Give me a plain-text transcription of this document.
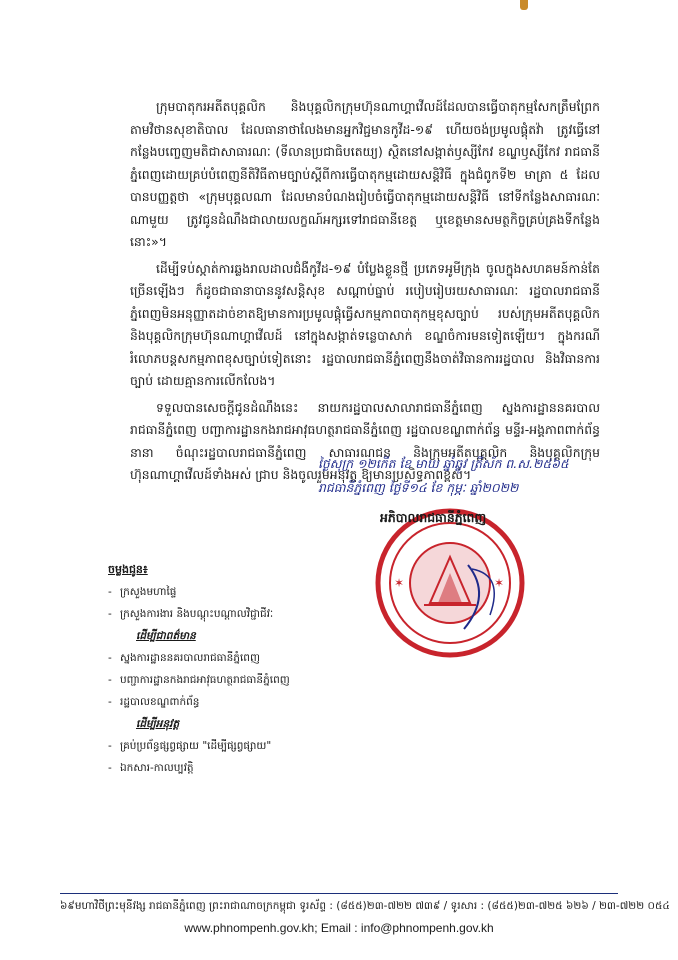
ក្រុមបាតុករអតីតបុគ្គលិក និងបុគ្គលិកក្រុមហ៊ុនណាហ្គាវើលដ៍ដែលបានធ្វើបាតុកម្មសែកត្រឹមព្រែកតាមវិថានសុខាតិបាល ដែលធានាថាលែងមានអ្នកវិជ្ជមានកូវីដ-១៩ ហើយចង់ប្រមូលផ្តុំតវ៉ា ត្រូវធ្វើនៅកន្លែងបញ្ចេញមតិជាសាធារណៈ (ទីលានប្រជាធិបតេយ្យ) ស្ថិតនៅសង្កាត់ឫស្សីកែវ ខណ្ឌឫស្សីកែវ រាជធានីភ្នំពេញដោយគ្រប់បំពេញនីតិវិធីតាមច្បាប់ស្តីពីការធ្វើបាតុកម្មដោយសន្តិវិធី ក្នុងជំពូកទី២ មាត្រា ៥ ដែលបានបញ្ញត្តថា «ក្រុមបុគ្គលណា ដែលមានបំណងរៀបចំធ្វើបាតុកម្មដោយសន្តិវិធី នៅទីកន្លែងសាធារណៈណាមួយ ត្រូវជូនដំណឹងជាលាយលក្ខណ៍អក្សរទៅរាជធានីខេត្ត ឬខេត្តមានសមត្ថកិច្ចគ្រប់គ្រងទីកន្លែងនោះ»។

ដើម្បីទប់ស្កាត់ការឆ្លងរាលដាលជំងឺកូវីដ-១៩ បំប្លែងខ្លួនថ្មី ប្រភេទអូមីក្រុង ចូលក្នុងសហគមន៍កាន់តែច្រើនឡើងៗ ក៏ដូចជាធានាបាននូវសន្តិសុខ សណ្តាប់ធ្នាប់ របៀបរៀបរយសាធារណៈ រដ្ឋបាលរាជធានីភ្នំពេញមិនអនុញ្ញាតដាច់ខាតឱ្យមានការប្រមូលផ្តុំធ្វើសកម្មភាពបាតុកម្មខុសច្បាប់ របស់ក្រុមអតីតបុគ្គលិក និងបុគ្គលិកក្រុមហ៊ុនណាហ្គាវើលដ៍ នៅក្នុងសង្កាត់ទន្លេបាសាក់ ខណ្ឌចំការមនទៀតឡើយ។ ក្នុងករណីរំលោភបន្តសកម្មភាពខុសច្បាប់ទៀតនោះ រដ្ឋបាលរាជធានីភ្នំពេញនឹងចាត់វិធានការរដ្ឋបាល និងវិធានការច្បាប់ ដោយគ្មានការលើកលែង។

ទទួលបានសេចក្តីជូនដំណឹងនេះ នាយករដ្ឋបាលសាលារាជធានីភ្នំពេញ ស្នងការដ្ឋាននគរបាលរាជធានីភ្នំពេញ បញ្ជាការដ្ឋានកងរាជអាវុធហត្ថរាជធានីភ្នំពេញ រដ្ឋបាលខណ្ឌពាក់ព័ន្ធ មន្ទីរ-អង្គភាពពាក់ព័ន្ធនានា ចំណុះរដ្ឋបាលរាជធានីភ្នំពេញ សាធារណជន និងក្រុមអតីតបុគ្គលិក និងបុគ្គលិកក្រុមហ៊ុនណាហ្គាវើលដ៍ទាំងអស់ ជ្រាប និងចូលរួមអនុវត្ត ឱ្យមានប្រសិទ្ធភាពខ្ពស់។

ថ្ងៃសុក្រ ១២កើត ខែ មាឃ ឆ្នាំឆ្លូវ ត្រីស័ក ព.ស.២៥៦៥
រាជធានីភ្នំពេញ ថ្ងៃទី១៤ ខែ កុម្ភៈ ឆ្នាំ២០២២
✶	✶
អភិបាលរាជធានីភ្នំពេញ
ចម្លងជូន៖
- ក្រសួងមហាផ្ទៃ
- ក្រសួងការងារ និងបណ្តុះបណ្តាលវិជ្ជាជីវៈ
ដើម្បីជាពត៌មាន
- ស្នងការដ្ឋាននគរបាលរាជធានីភ្នំពេញ
- បញ្ជាការដ្ឋានកងរាជអាវុធហត្ថរាជធានីភ្នំពេញ
- រដ្ឋបាលខណ្ឌពាក់ព័ន្ធ
ដើម្បីអនុវត្ត
- គ្រប់ប្រព័ន្ធផ្សព្វផ្សាយ "ដើម្បីផ្សព្វផ្សាយ"
- ឯកសារ-កាលប្បវត្តិ
៦៩មហាវិថីព្រះមុនីវង្ស រាជធានីភ្នំពេញ ព្រះរាជាណាចក្រកម្ពុជា ទូរស័ព្ទ : (៨៥៥)២៣-៧២២ ៧៣៩ / ទូរសារ : (៨៥៥)២៣-៧២៥ ៦២៦ / ២៣-៧២២ ០៥៤
www.phnompenh.gov.kh; Email : info@phnompenh.gov.kh
